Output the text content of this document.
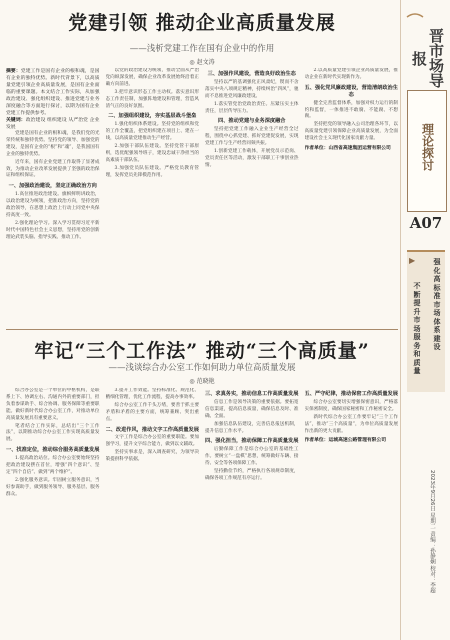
党建引领 推动企业高质量发展
——浅析党建工作在国有企业中的作用
◎ 赵文涛
摘要：党建工作是国有企业的根和魂，是国有企业的独特优势。新时代背景下，以高质量党建引领企业高质量发展，是国有企业面临的重要课题。本文结合工作实际，从加强政治建设、强化组织建设、推进党建与业务深度融合等方面进行探讨，以期为国有企业党建工作提供参考。
关键词：政治建设 组织建设 从严治党 企业发展

党建是国有企业的根和魂，是我们党的光荣传统和独特优势。坚持党的领导、加强党的建设，是国有企业的“根”和“魂”，是我国国有企业的独特优势。

近年来，国有企业党建工作取得了显著成效，为推动企业改革发展提供了坚强的政治保证和组织保证。

一、加强政治建设，坚定正确政治方向

1.高位推进政治建设。旗帜鲜明讲政治，以政治建设为统领，把准政治方向，坚持党的政治领导，在思想上政治上行动上同党中央保持高度一致。

2.强化理论学习。深入学习贯彻习近平新时代中国特色社会主义思想，坚持用党的创新理论武装头脑、指导实践、推动工作。

以党的政治建设为统领，推动全面从严治党向纵深发展，确保企业改革发展始终沿着正确方向前进。

3.把牢意识形态工作主动权。落实意识形态工作责任制，加强阵地建设和管理，营造风清气正的良好氛围。

二、加强组织建设，夯实基层战斗堡垒

1.强化组织体系建设。坚持党的组织和党的工作全覆盖，把党组织建在项目上、建在一线，以高质量党建推动生产经营。

2.加强干部队伍建设。坚持党管干部原则，选优配强领导班子，建设忠诚干净担当的高素质干部队伍。

3.加强党员队伍建设。严格党员教育管理，发挥党员先锋模范作用。

三、加强作风建设，营造良好政治生态

坚持以严的基调强化正风肃纪，锲而不舍落实中央八项规定精神，持续纠治“四风”，驰而不息推进党风廉政建设。

1.落实管党治党政治责任。压紧压实主体责任，层层传导压力。

四、推动党建与业务深度融合

坚持把党建工作融入企业生产经营全过程，围绕中心抓党建、抓好党建促发展，实现党建工作与生产经营同频共振。

1.创新党建工作载体，开展党员示范岗、党员责任区等活动，激发干部职工干事创业热情。

2.以高质量党建引领企业高质量发展，推动企业在新时代实现新作为。

五、强化党风廉政建设，营造清朗政治生态

健全完善监督体系，加强对权力运行的制约和监督，一体推进不敢腐、不能腐、不想腐。

坚持把党的领导融入公司治理各环节，以高质量党建引领保障企业高质量发展，为全面建设社会主义现代化国家贡献力量。

作者单位：山西省高速集团运营有限公司
牢记“三个工作法” 推动“三个高质量”
——浅谈综合办公室工作如何助力单位高质量发展
◎ 范晓艳

综合办公室是一个单位的中枢机构，是联系上下、协调左右、沟通内外的重要部门，担负着参谋助手、综合协调、服务保障等重要职能。做好新时代综合办公室工作，对推动单位高质量发展具有重要意义。

笔者结合工作实际，总结出“三个工作法”，以期推动综合办公室工作实现高质量发展。

一、找准定位，推动综合服务高质量发展

1.提高政治站位。综合办公室要始终坚持把政治建设摆在首位，增强“四个意识”、坚定“四个自信”、做到“两个维护”。

2.强化服务意识。牢固树立服务意识，当好参谋助手，做到服务领导、服务基层、服务群众。

3.提升工作效能。坚持标准化、规范化、精细化管理，优化工作流程，提高办事效率。

综合办公室工作千头万绪，要善于抓主要矛盾和矛盾的主要方面，统筹兼顾、突出重点。

二、改进作风，推动文字工作高质量发展

文字工作是综合办公室的重要职能。要加强学习，提升文字综合能力，做到以文辅政。

坚持实事求是，深入调查研究，为领导决策提供科学依据。

三、求真务实，推动信息工作高质量发展

信息工作是领导决策的重要依据。要拓宽信息渠道，提高信息质量，确保信息及时、准确、全面。

加强信息队伍建设，完善信息报送机制，提升信息工作水平。

四、强化担当，推动保障工作高质量发展

后勤保障工作是综合办公室的基础性工作。要树立“一盘棋”思想，统筹做好车辆、接待、安全等各项保障工作。

坚持勤俭节约，严格执行各项规章制度，确保各项工作规范有序运行。

五、严守纪律，推动保密工作高质量发展

综合办公室要切实增强保密意识，严格落实保密制度，确保国家秘密和工作秘密安全。

新时代综合办公室工作要牢记“三个工作法”，推动“三个高质量”，为单位高质量发展作出新的更大贡献。

作者单位：运城高速公路管理有限公司
晋市场导报
理论探讨
A07
▶	强化高标准市场体系建设
不断提升市场服务和质量
2023年9月26日 星期二 责编：孙静娴 校对：李超
